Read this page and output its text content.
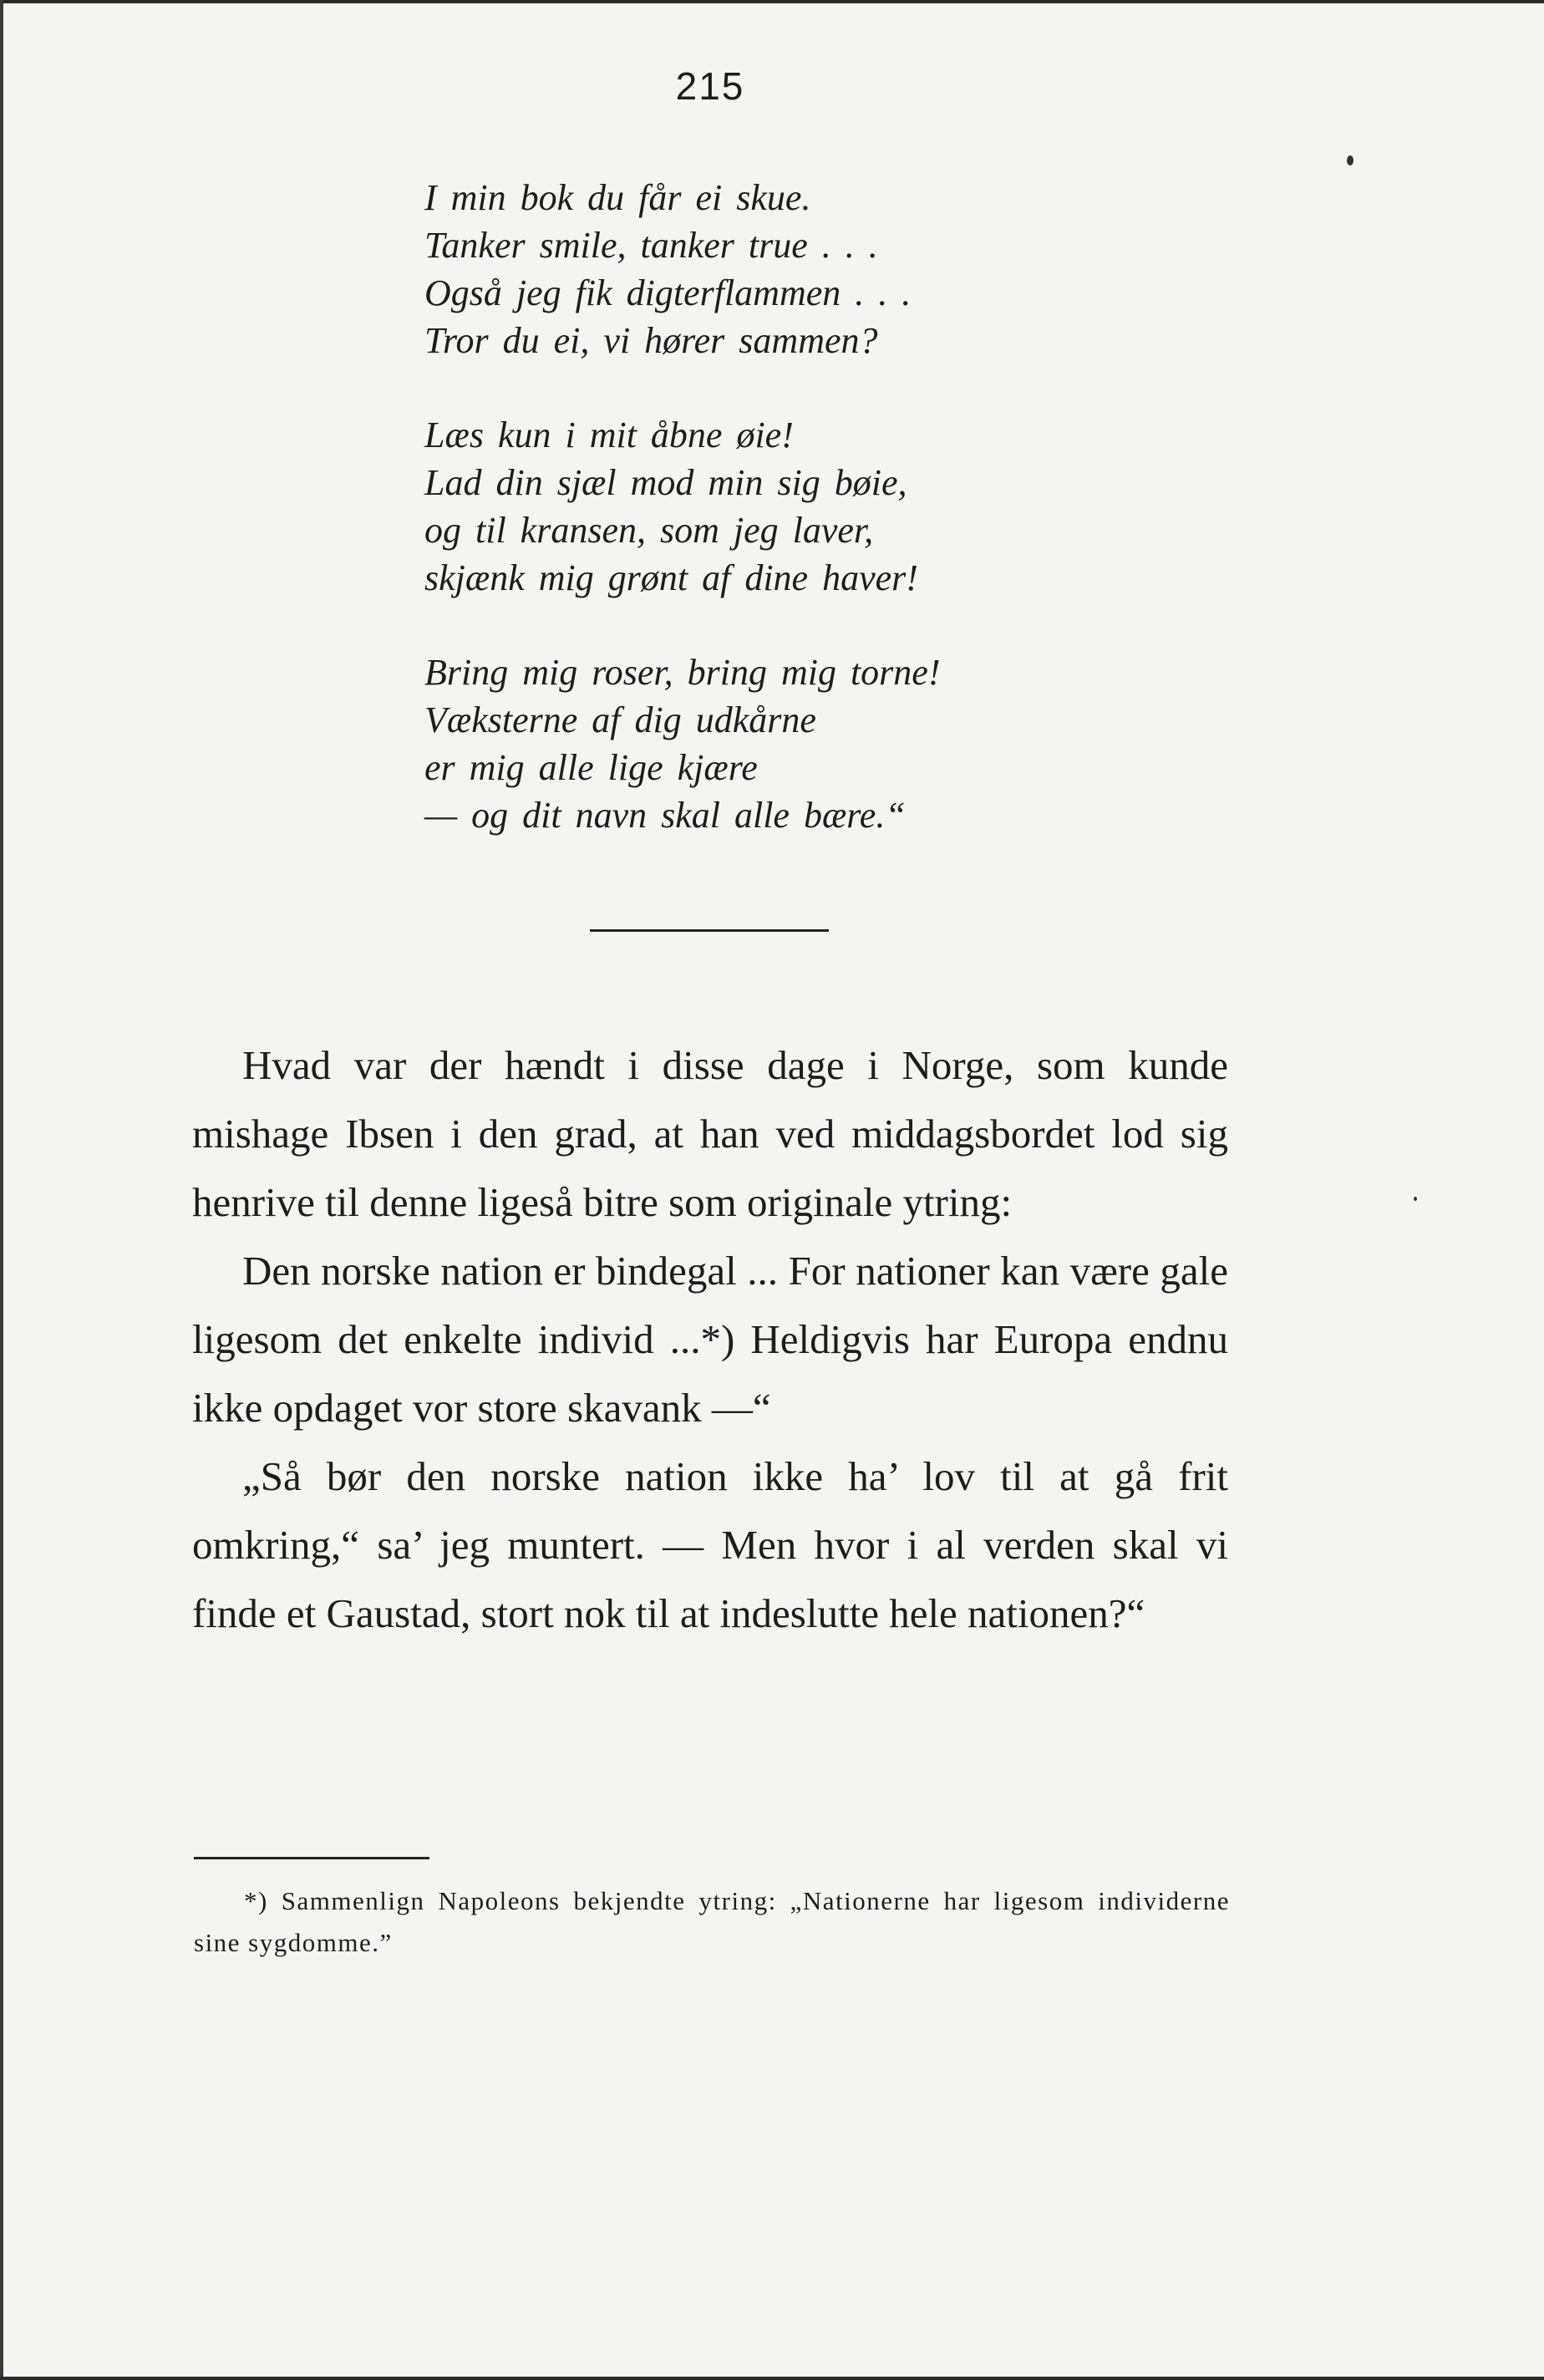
215
I min bok du får ei skue.
Tanker smile, tanker true . . .
Også jeg fik digterflammen . . .
Tror du ei, vi hører sammen?
Læs kun i mit åbne øie!
Lad din sjæl mod min sig bøie,
og til kransen, som jeg laver,
skjænk mig grønt af dine haver!
Bring mig roser, bring mig torne!
Væksterne af dig udkårne
er mig alle lige kjære
— og dit navn skal alle bære.“

Hvad var der hændt i disse dage i Norge, som kunde mishage Ibsen i den grad, at han ved middagsbordet lod sig henrive til denne ligeså bitre som originale ytring:

Den norske nation er bindegal ... For nationer kan være gale ligesom det enkelte individ ...*) Heldigvis har Europa endnu ikke opdaget vor store skavank —“

„Så bør den norske nation ikke ha’ lov til at gå frit omkring,“ sa’ jeg muntert. — Men hvor i al verden skal vi finde et Gaustad, stort nok til at indeslutte hele nationen?“

*) Sammenlign Napoleons bekjendte ytring: „Nationerne har ligesom individerne sine sygdomme.”
